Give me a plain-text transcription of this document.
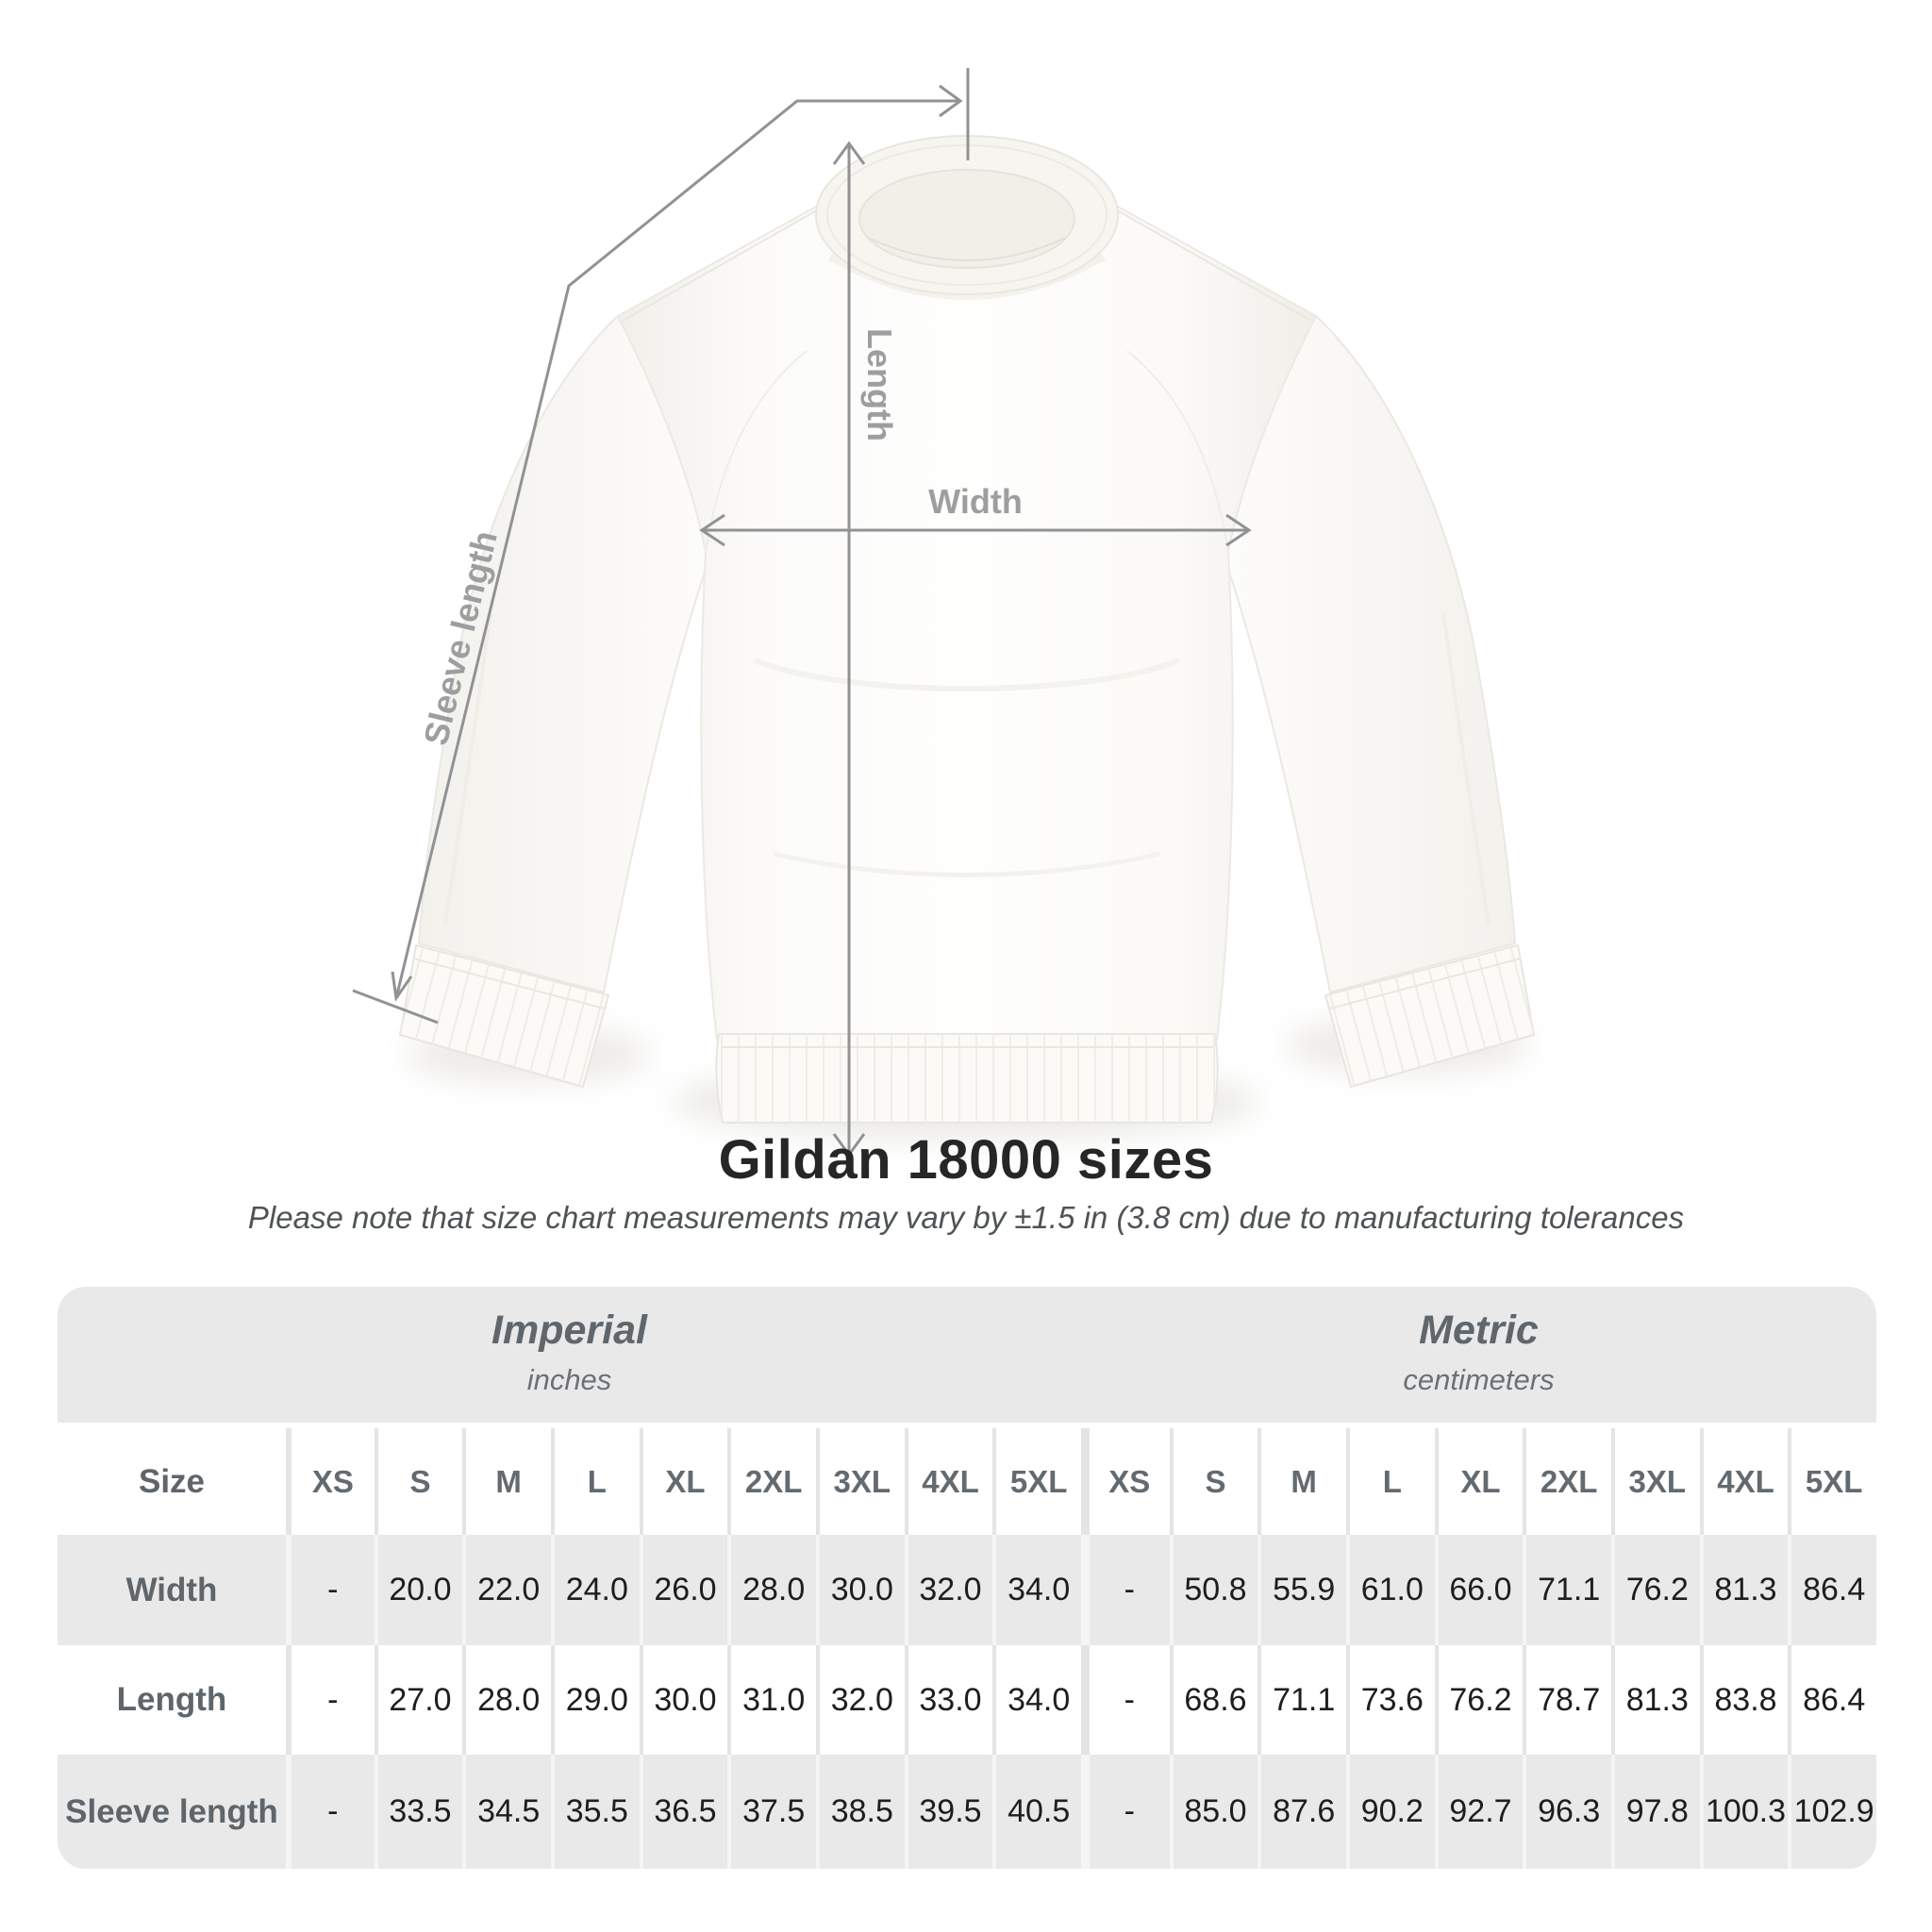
Length
Width
Sleeve length
Gildan 18000 sizes
Please note that size chart measurements may vary by ±1.5 in (3.8 cm) due to manufacturing tolerances
Imperial
inches
Metric
centimeters
Size	XS	S	M	L	XL	2XL	3XL	4XL	5XL	XS	S	M	L	XL	2XL	3XL	4XL	5XL
Width	-	20.0 22.0 24.0 26.0 28.0 30.0 32.0 34.0	-	50.8 55.9 61.0 66.0 71.1 76.2 81.3 86.4
Length	-	27.0 28.0 29.0 30.0 31.0 32.0 33.0 34.0	-	68.6 71.1 73.6 76.2 78.7 81.3 83.8 86.4
Sleeve length	-	33.5 34.5 35.5 36.5 37.5 38.5 39.5 40.5	-	85.0 87.6 90.2 92.7 96.3 97.8 100.3 102.9
